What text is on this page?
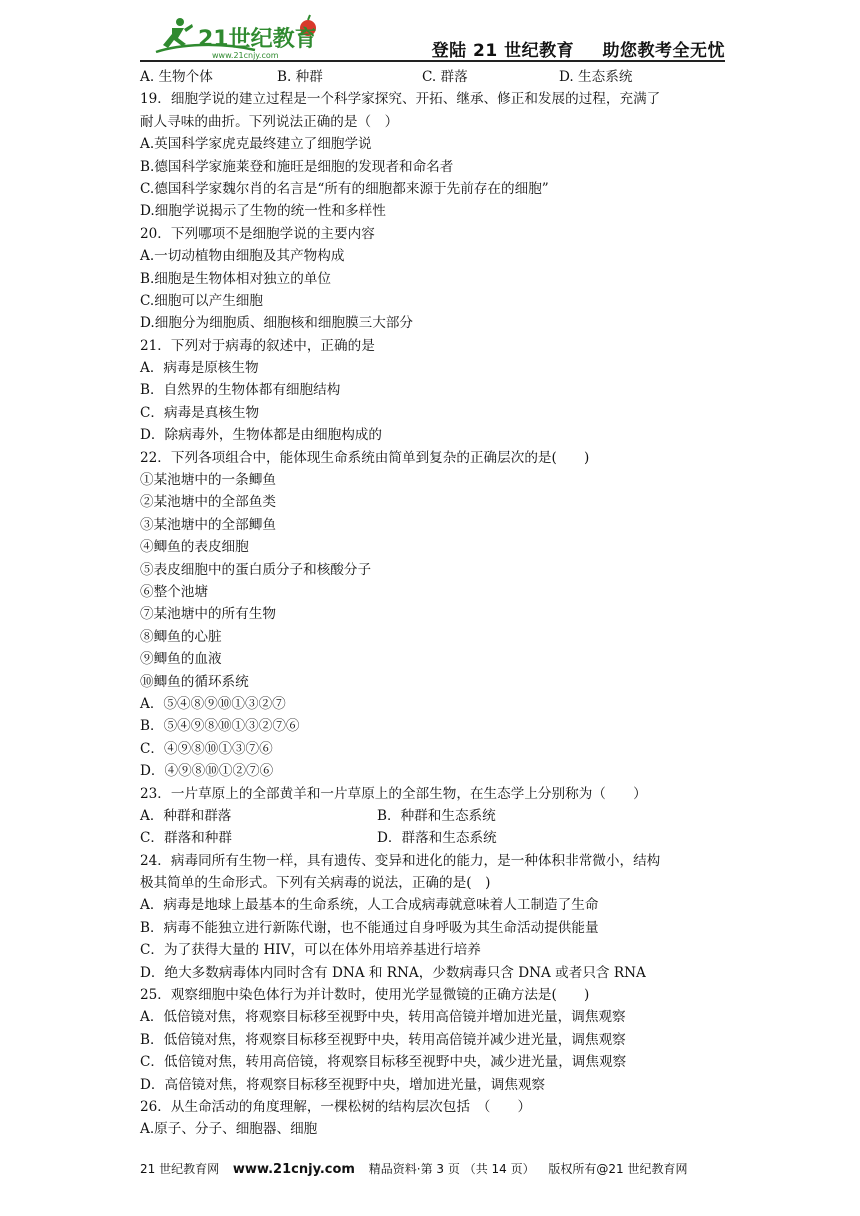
21世纪教育
www.21cnjy.com	登陆 21 世纪教育 助您教考全无忧
A. 生物个体	B. 种群	C. 群落	D. 生态系统
19．细胞学说的建立过程是一个科学家探究、开拓、继承、修正和发展的过程，充满了
耐人寻味的曲折。下列说法正确的是（　）
A.英国科学家虎克最终建立了细胞学说
B.德国科学家施莱登和施旺是细胞的发现者和命名者
C.德国科学家魏尔肖的名言是“所有的细胞都来源于先前存在的细胞”
D.细胞学说揭示了生物的统一性和多样性
20．下列哪项不是细胞学说的主要内容
A.一切动植物由细胞及其产物构成
B.细胞是生物体相对独立的单位
C.细胞可以产生细胞
D.细胞分为细胞质、细胞核和细胞膜三大部分
21．下列对于病毒的叙述中，正确的是
A．病毒是原核生物
B．自然界的生物体都有细胞结构
C．病毒是真核生物
D．除病毒外，生物体都是由细胞构成的
22．下列各项组合中，能体现生命系统由简单到复杂的正确层次的是(　　)
①某池塘中的一条鲫鱼
②某池塘中的全部鱼类
③某池塘中的全部鲫鱼
④鲫鱼的表皮细胞
⑤表皮细胞中的蛋白质分子和核酸分子
⑥整个池塘
⑦某池塘中的所有生物
⑧鲫鱼的心脏
⑨鲫鱼的血液
⑩鲫鱼的循环系统
A．⑤④⑧⑨⑩①③②⑦
B．⑤④⑨⑧⑩①③②⑦⑥
C．④⑨⑧⑩①③⑦⑥
D．④⑨⑧⑩①②⑦⑥
23．一片草原上的全部黄羊和一片草原上的全部生物，在生态学上分别称为（　　）
A．种群和群落	B．种群和生态系统
C．群落和种群	D．群落和生态系统
24．病毒同所有生物一样，具有遗传、变异和进化的能力，是一种体积非常微小，结构
极其简单的生命形式。下列有关病毒的说法，正确的是(　)
A．病毒是地球上最基本的生命系统，人工合成病毒就意味着人工制造了生命
B．病毒不能独立进行新陈代谢，也不能通过自身呼吸为其生命活动提供能量
C．为了获得大量的 HIV，可以在体外用培养基进行培养
D．绝大多数病毒体内同时含有 DNA 和 RNA，少数病毒只含 DNA 或者只含 RNA
25．观察细胞中染色体行为并计数时，使用光学显微镜的正确方法是(　　)
A．低倍镜对焦，将观察目标移至视野中央，转用高倍镜并增加进光量，调焦观察
B．低倍镜对焦，将观察目标移至视野中央，转用高倍镜并减少进光量，调焦观察
C．低倍镜对焦，转用高倍镜，将观察目标移至视野中央，减少进光量，调焦观察
D．高倍镜对焦，将观察目标移至视野中央，增加进光量，调焦观察
26．从生命活动的角度理解，一棵松树的结构层次包括　（　　）
A.原子、分子、细胞器、细胞
21 世纪教育网 www.21cnjy.com 精品资料·第 3 页 （共 14 页） 版权所有@21 世纪教育网
